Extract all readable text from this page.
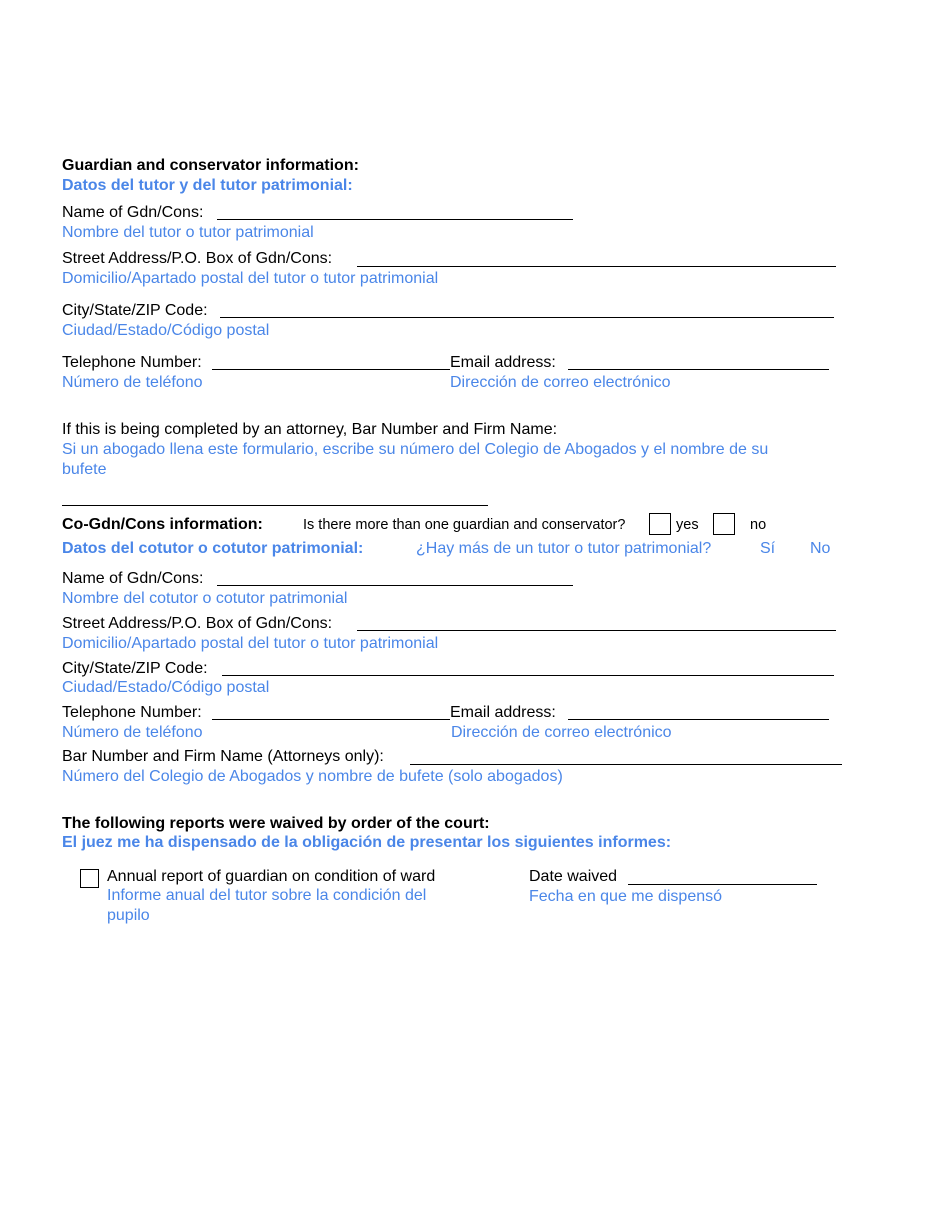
Guardian and conservator information:
Datos del tutor y del tutor patrimonial:
Name of Gdn/Cons:
Nombre del tutor o tutor patrimonial
Street Address/P.O. Box of Gdn/Cons:
Domicilio/Apartado postal del tutor o tutor patrimonial
City/State/ZIP Code:
Ciudad/Estado/Código postal
Telephone Number:
Número de teléfono
Email address:
Dirección de correo electrónico
If this is being completed by an attorney, Bar Number and Firm Name:
Si un abogado llena este formulario, escribe su número del Colegio de Abogados y el nombre de su
bufete
Co-Gdn/Cons information:	Is there more than one guardian and conservator?	yes	no
Datos del cotutor o cotutor patrimonial:	¿Hay más de un tutor o tutor patrimonial?	Sí No
Name of Gdn/Cons:
Nombre del cotutor o cotutor patrimonial
Street Address/P.O. Box of Gdn/Cons:
Domicilio/Apartado postal del tutor o tutor patrimonial
City/State/ZIP Code:
Ciudad/Estado/Código postal
Telephone Number:
Número de teléfono
Email address:
Dirección de correo electrónico
Bar Number and Firm Name (Attorneys only):
Número del Colegio de Abogados y nombre de bufete (solo abogados)
The following reports were waived by order of the court:
El juez me ha dispensado de la obligación de presentar los siguientes informes:
Annual report of guardian on condition of ward
Informe anual del tutor sobre la condición del
pupilo
Date waived
Fecha en que me dispensó
